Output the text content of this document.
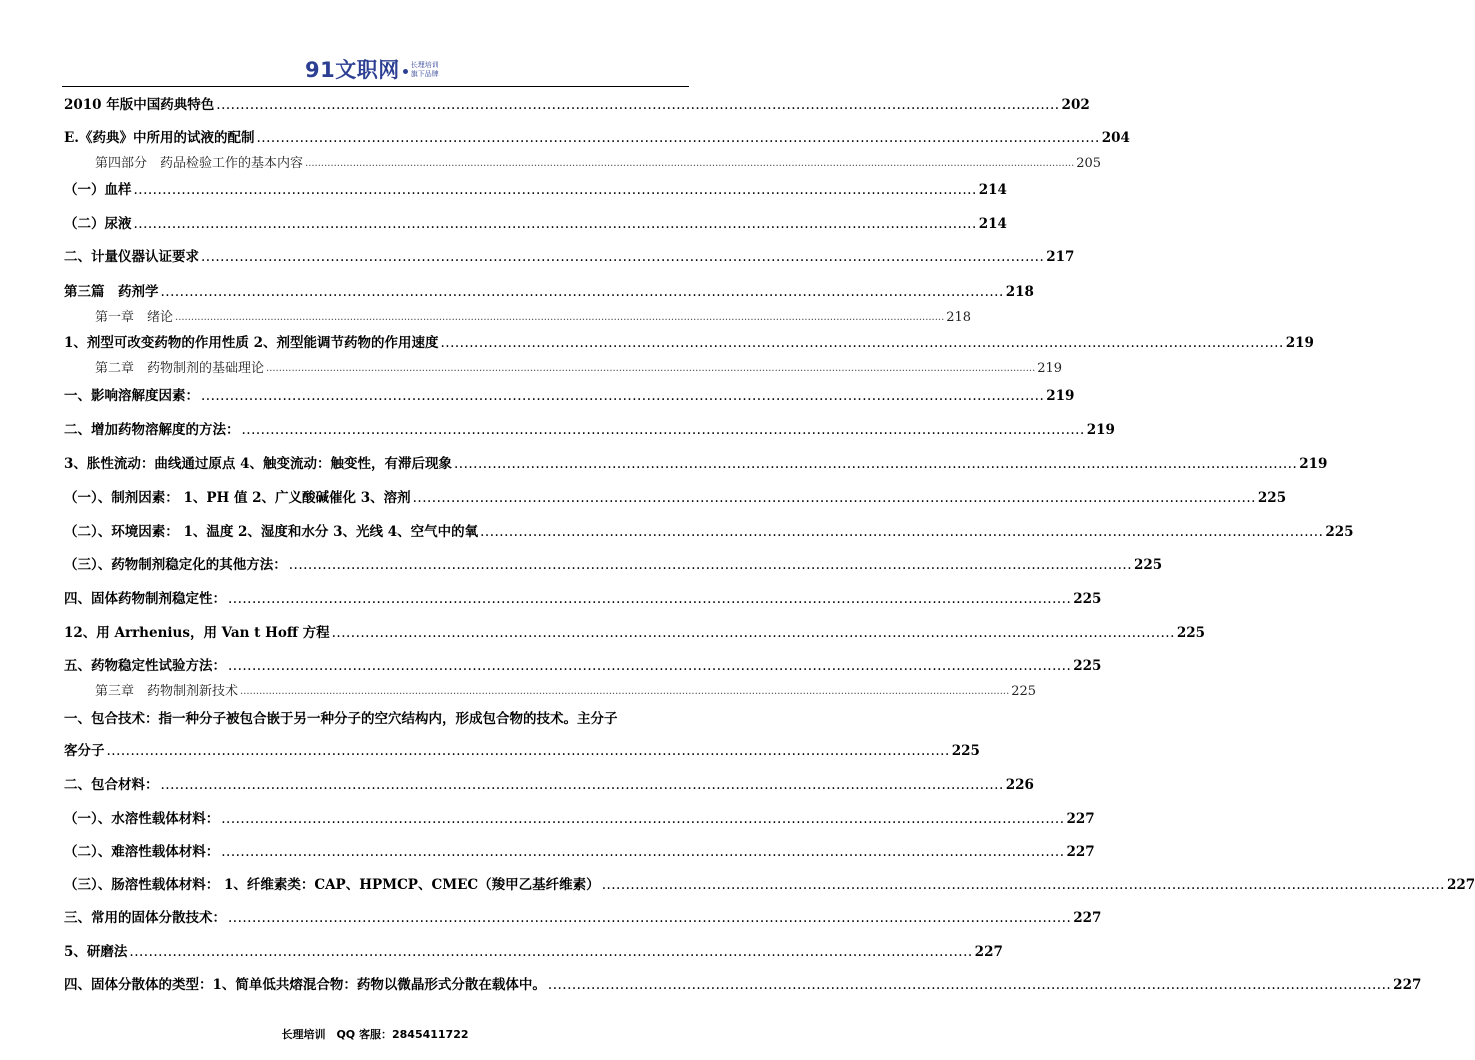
91文职网 长理培训
旗下品牌
2010 年版中国药典特色 ................................................................................................................................................................................ 202
E.《药典》中所用的试液的配制 ................................................................................................................................................................................ 204
第四部分　药品检验工作的基本内容 .................................................................................................................................................................................................................................................. 205
（一）血样 ................................................................................................................................................................................ 214
（二）尿液 ................................................................................................................................................................................ 214
二、计量仪器认证要求 ................................................................................................................................................................................ 217
第三篇　药剂学 ................................................................................................................................................................................ 218
第一章　绪论 .................................................................................................................................................................................................................................................. 218
1、剂型可改变药物的作用性质 2、剂型能调节药物的作用速度 ................................................................................................................................................................................ 219
第二章　药物制剂的基础理论 .................................................................................................................................................................................................................................................. 219
一、影响溶解度因素： ................................................................................................................................................................................ 219
二、增加药物溶解度的方法： ................................................................................................................................................................................ 219
3、胀性流动：曲线通过原点 4、触变流动：触变性，有滞后现象 ................................................................................................................................................................................ 219
（一）、制剂因素： 1、PH 值 2、广义酸碱催化 3、溶剂 ................................................................................................................................................................................ 225
（二）、环境因素： 1、温度 2、湿度和水分 3、光线 4、空气中的氧 ................................................................................................................................................................................ 225
（三）、药物制剂稳定化的其他方法： ................................................................................................................................................................................ 225
四、固体药物制剂稳定性： ................................................................................................................................................................................ 225
12、用 Arrhenius，用 Van t Hoff 方程 ................................................................................................................................................................................ 225
五、药物稳定性试验方法： ................................................................................................................................................................................ 225
第三章　药物制剂新技术 .................................................................................................................................................................................................................................................. 225
一、包合技术：指一种分子被包合嵌于另一种分子的空穴结构内，形成包合物的技术。主分子
客分子 ................................................................................................................................................................................ 225
二、包合材料： ................................................................................................................................................................................ 226
（一）、水溶性载体材料： ................................................................................................................................................................................ 227
（二）、难溶性载体材料： ................................................................................................................................................................................ 227
（三）、肠溶性载体材料： 1、纤维素类：CAP、HPMCP、CMEC（羧甲乙基纤维素） ................................................................................................................................................................................ 227
三、常用的固体分散技术： ................................................................................................................................................................................ 227
5、研磨法 ................................................................................................................................................................................ 227
四、固体分散体的类型：1、简单低共熔混合物：药物以微晶形式分散在载体中。 ................................................................................................................................................................................ 227
长理培训　QQ 客服：2845411722
